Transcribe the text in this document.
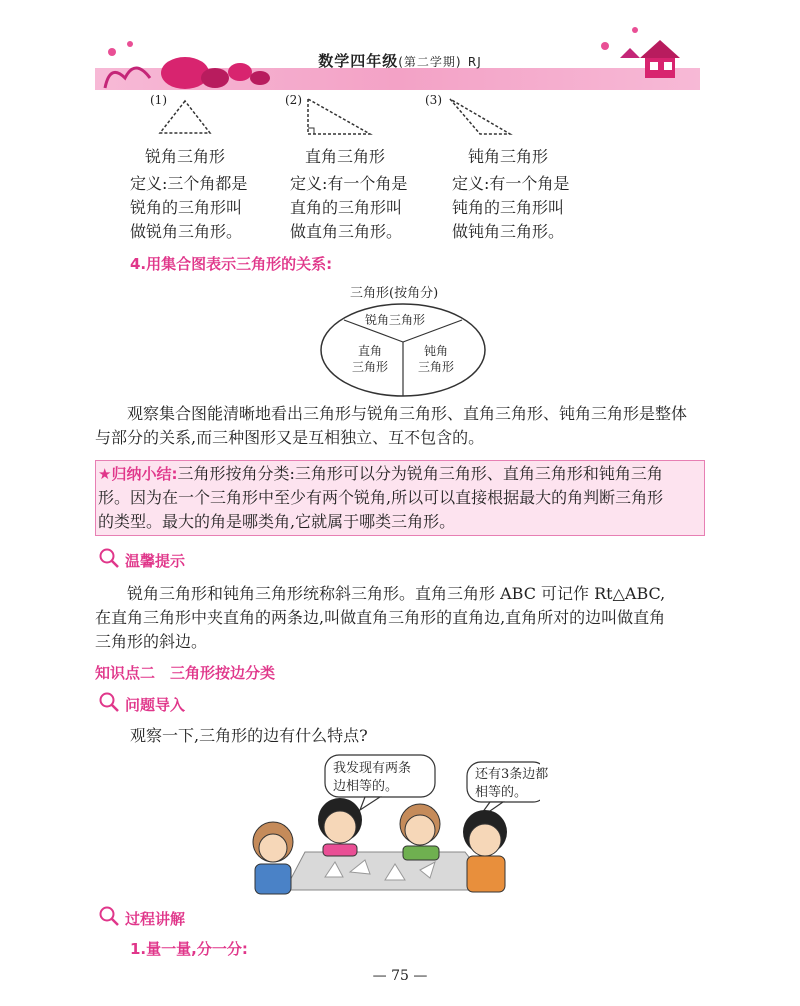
数学四年级(第二学期) RJ
(1)	(2)	(3)
锐角三角形
定义:三个角都是
锐角的三角形叫
做锐角三角形。
直角三角形
定义:有一个角是
直角的三角形叫
做直角三角形。
钝角三角形
定义:有一个角是
钝角的三角形叫
做钝角三角形。
4.用集合图表示三角形的关系:
三角形(按角分)
锐角三角形
直角
三角形
钝角
三角形
观察集合图能清晰地看出三角形与锐角三角形、直角三角形、钝角三角形是整体
与部分的关系,而三种图形又是互相独立、互不包含的。
★归纳小结:三角形按角分类:三角形可以分为锐角三角形、直角三角形和钝角三角
形。因为在一个三角形中至少有两个锐角,所以可以直接根据最大的角判断三角形
的类型。最大的角是哪类角,它就属于哪类三角形。
温馨提示
锐角三角形和钝角三角形统称斜三角形。直角三角形 ABC 可记作 Rt△ABC,
在直角三角形中夹直角的两条边,叫做直角三角形的直角边,直角所对的边叫做直角
三角形的斜边。
知识点二　三角形按边分类
问题导入
观察一下,三角形的边有什么特点?
我发现有两条
边相等的。
还有3条边都
相等的。
过程讲解
1.量一量,分一分:
— 75 —
